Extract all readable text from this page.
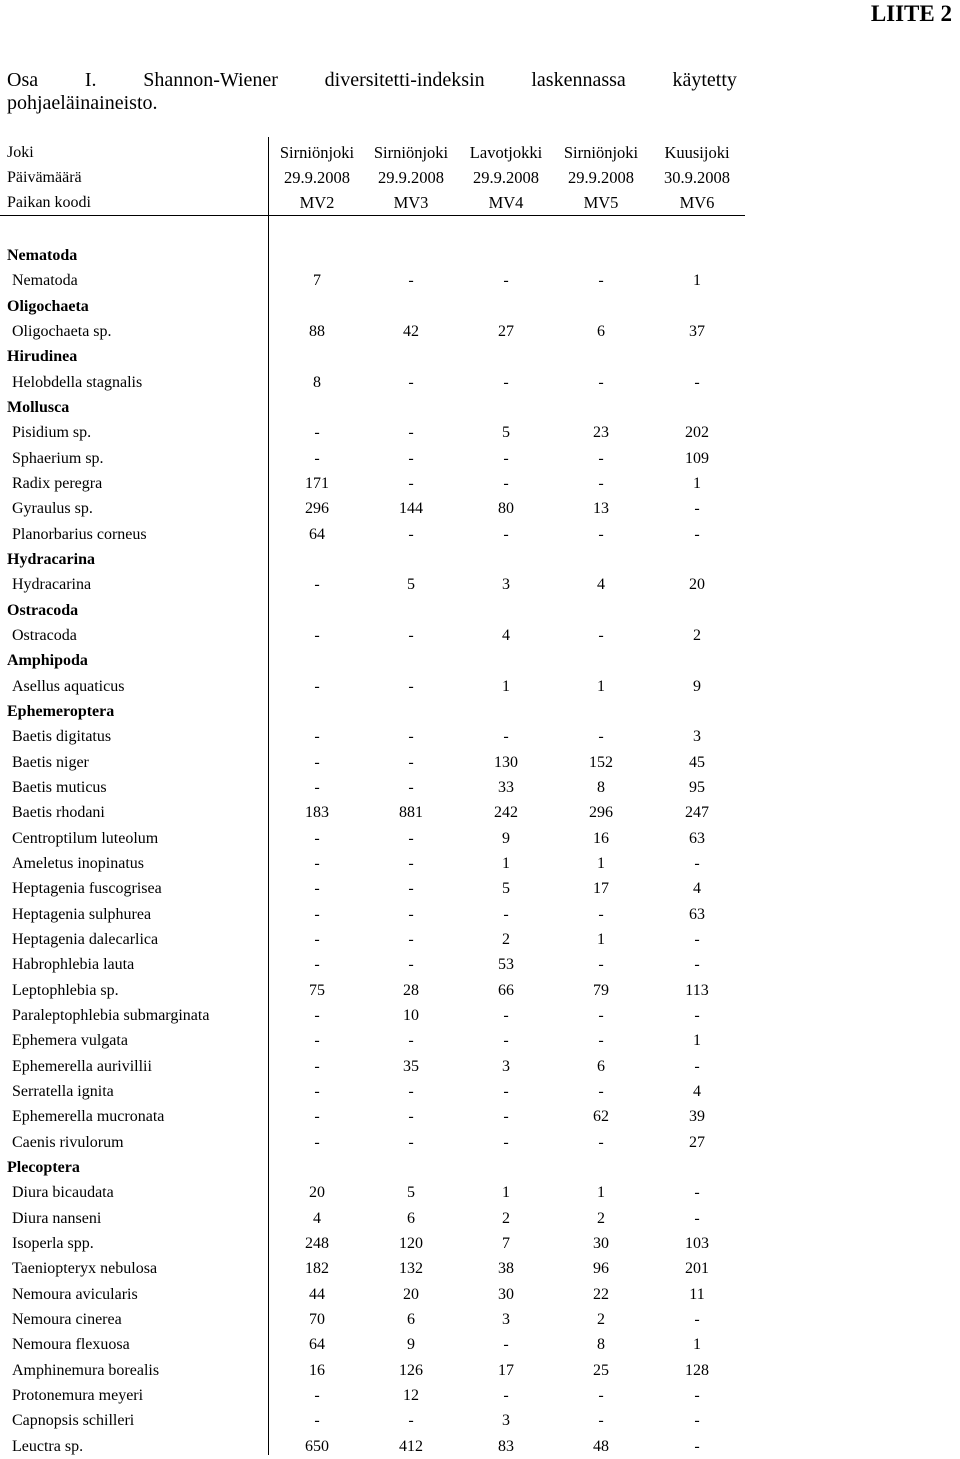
LIITE 2
Osa I. Shannon-Wiener diversitetti-indeksin laskennassa käytetty
pohjaeläinaineisto.
Joki	Sirniönjoki	Sirniönjoki	Lavotjokki	Sirniönjoki	Kuusijoki
Päivämäärä	29.9.2008	29.9.2008	29.9.2008	29.9.2008	30.9.2008
Paikan koodi	MV2	MV3	MV4	MV5	MV6
Nematoda
Nematoda	7	-	-	-	1
Oligochaeta
Oligochaeta sp.	88	42	27	6	37
Hirudinea
Helobdella stagnalis	8	-	-	-	-
Mollusca
Pisidium sp.	-	-	5	23	202
Sphaerium sp.	-	-	-	-	109
Radix peregra	171	-	-	-	1
Gyraulus sp.	296	144	80	13	-
Planorbarius corneus	64	-	-	-	-
Hydracarina
Hydracarina	-	5	3	4	20
Ostracoda
Ostracoda	-	-	4	-	2
Amphipoda
Asellus aquaticus	-	-	1	1	9
Ephemeroptera
Baetis digitatus	-	-	-	-	3
Baetis niger	-	-	130	152	45
Baetis muticus	-	-	33	8	95
Baetis rhodani	183	881	242	296	247
Centroptilum luteolum	-	-	9	16	63
Ameletus inopinatus	-	-	1	1	-
Heptagenia fuscogrisea	-	-	5	17	4
Heptagenia sulphurea	-	-	-	-	63
Heptagenia dalecarlica	-	-	2	1	-
Habrophlebia lauta	-	-	53	-	-
Leptophlebia sp.	75	28	66	79	113
Paraleptophlebia submarginata	-	10	-	-	-
Ephemera vulgata	-	-	-	-	1
Ephemerella aurivillii	-	35	3	6	-
Serratella ignita	-	-	-	-	4
Ephemerella mucronata	-	-	-	62	39
Caenis rivulorum	-	-	-	-	27
Plecoptera
Diura bicaudata	20	5	1	1	-
Diura nanseni	4	6	2	2	-
Isoperla spp.	248	120	7	30	103
Taeniopteryx nebulosa	182	132	38	96	201
Nemoura avicularis	44	20	30	22	11
Nemoura cinerea	70	6	3	2	-
Nemoura flexuosa	64	9	-	8	1
Amphinemura borealis	16	126	17	25	128
Protonemura meyeri	-	12	-	-	-
Capnopsis schilleri	-	-	3	-	-
Leuctra sp.	650	412	83	48	-
